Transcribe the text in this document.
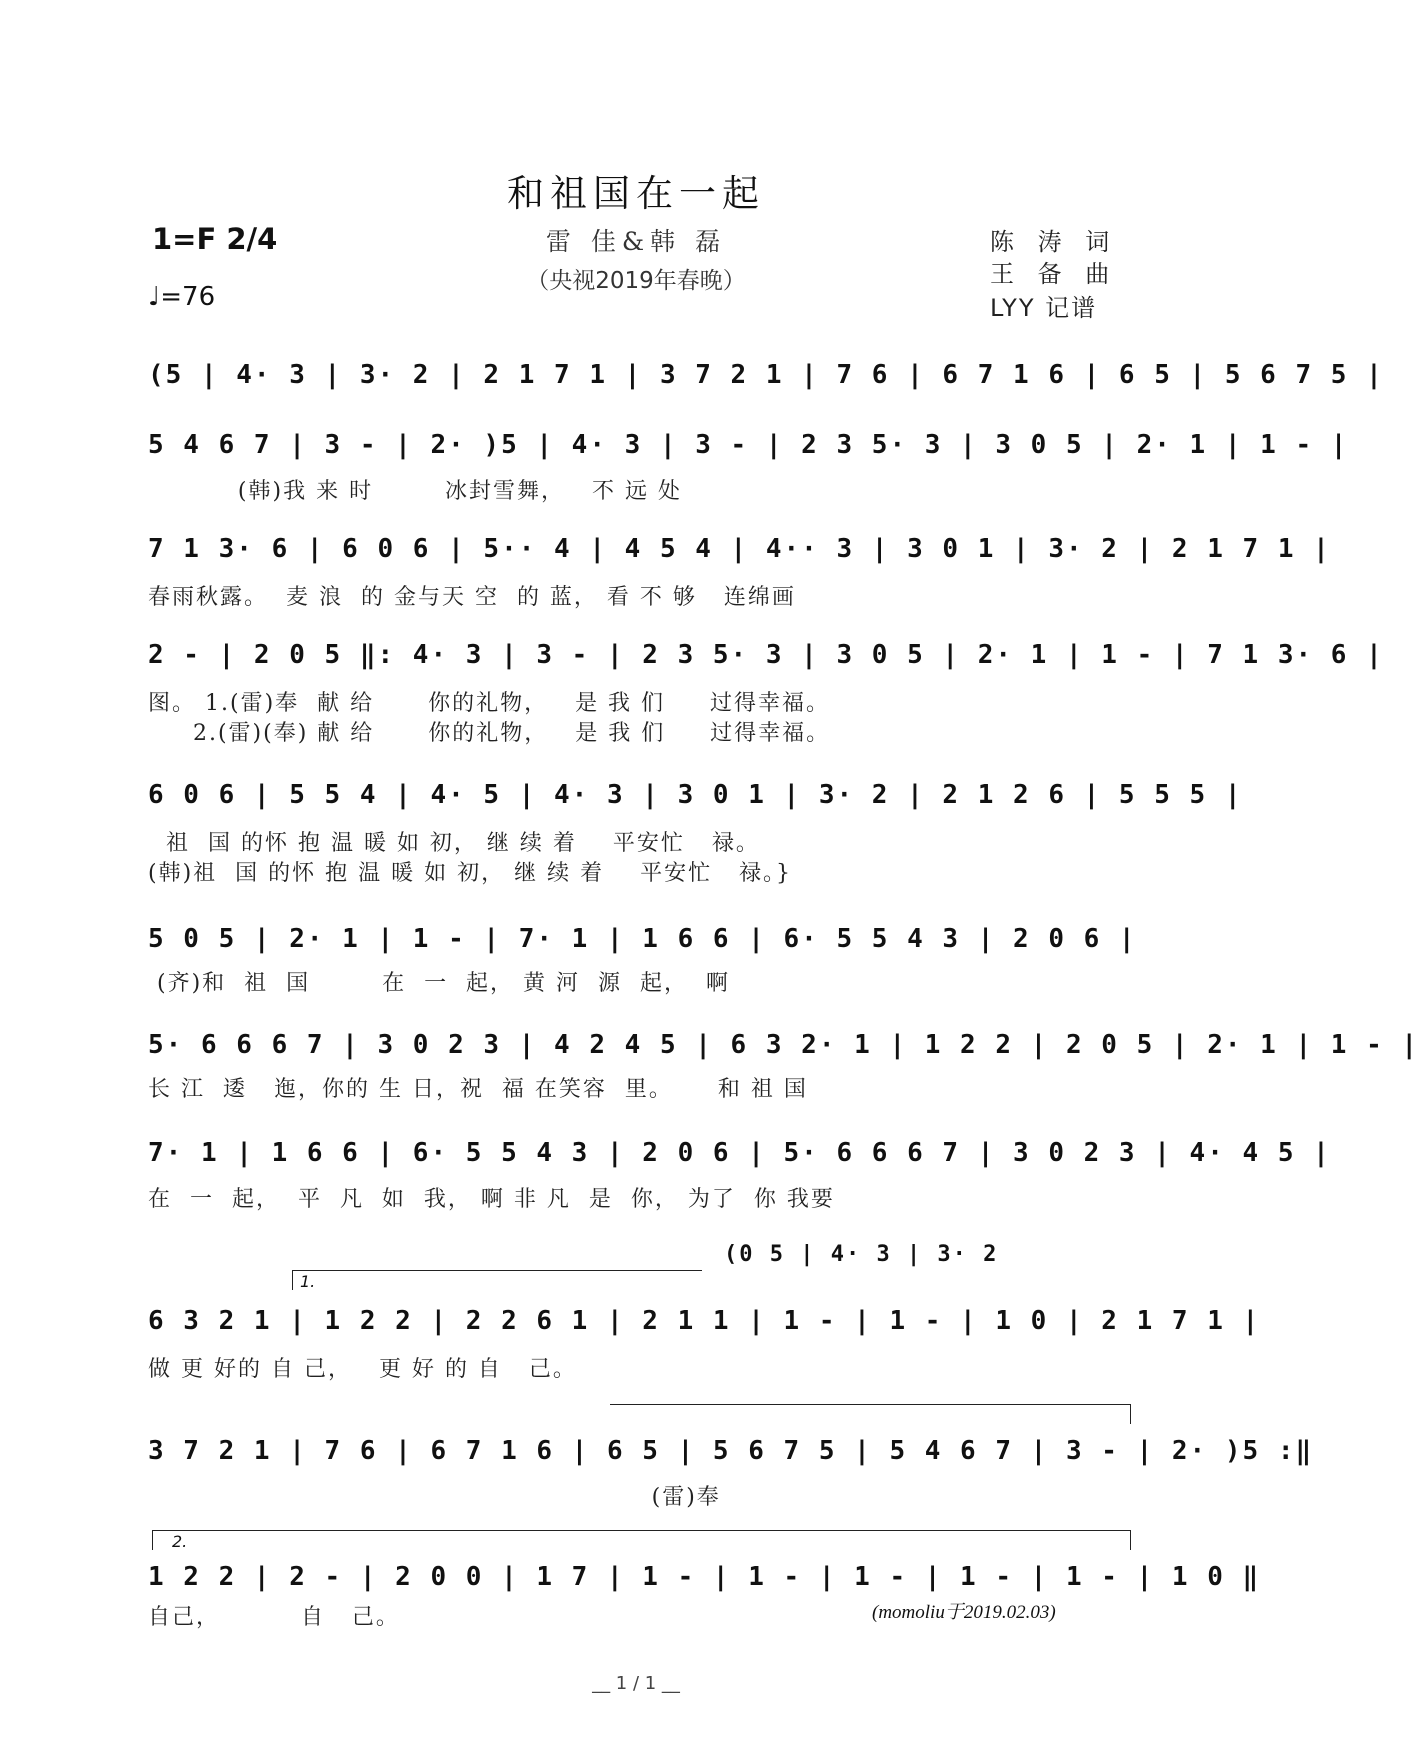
和祖国在一起
1=F 2/4
♩=76
雷 佳&韩 磊
（央视2019年春晚）
陈 涛 词
王 备 曲
LYY 记谱
(5 | 4· 3 | 3· 2 | 2 1 7 1 | 3 7 2 1 | 7 6 | 6 7 1 6 | 6 5 | 5 6 7 5 |
5 4 6 7 | 3 - | 2· )5 | 4· 3 | 3 - | 2 3 5· 3 | 3 0 5 | 2· 1 | 1 - |
(韩)我 来 时        冰封雪舞，   不 远 处
7 1 3· 6 | 6 0 6 | 5·· 4 | 4 5 4 | 4·· 3 | 3 0 1 | 3· 2 | 2 1 7 1 |
春雨秋露。  麦 浪  的 金与天 空  的 蓝， 看 不 够   连绵画
2 - | 2 0 5 ‖: 4· 3 | 3 - | 2 3 5· 3 | 3 0 5 | 2· 1 | 1 - | 7 1 3· 6 |
图。 1.(雷)奉  献 给      你的礼物，   是 我 们     过得幸福。
2.(雷)(奉) 献 给      你的礼物，   是 我 们     过得幸福。
6 0 6 | 5 5 4 | 4· 5 | 4· 3 | 3 0 1 | 3· 2 | 2 1 2 6 | 5 5 5 |
祖  国 的怀 抱 温 暖 如 初， 继 续 着    平安忙   禄。
(韩)祖  国 的怀 抱 温 暖 如 初， 继 续 着    平安忙   禄。}
5 0 5 | 2· 1 | 1 - | 7· 1 | 1 6 6 | 6· 5 5 4 3 | 2 0 6 |
(齐)和  祖  国        在  一  起， 黄 河  源  起，  啊
5· 6 6 6 7 | 3 0 2 3 | 4 2 4 5 | 6 3 2· 1 | 1 2 2 | 2 0 5 | 2· 1 | 1 - |
长 江  逶   迤，你的 生 日，祝  福 在笑容  里。     和 祖 国
7· 1 | 1 6 6 | 6· 5 5 4 3 | 2 0 6 | 5· 6 6 6 7 | 3 0 2 3 | 4· 4 5 |
在  一  起，  平  凡  如  我， 啊 非 凡  是  你， 为了  你 我要
1.
(0 5 | 4· 3 | 3· 2
6 3 2 1 | 1 2 2 | 2 2 6 1 | 2 1 1 | 1 - | 1 - | 1 0 | 2 1 7 1 |
做 更 好的 自 己，   更 好 的 自   己。
3 7 2 1 | 7 6 | 6 7 1 6 | 6 5 | 5 6 7 5 | 5 4 6 7 | 3 - | 2· )5 :‖
(雷)奉
2.
1 2 2 | 2 - | 2 0 0 | 1 7 | 1 - | 1 - | 1 - | 1 - | 1 - | 1 0 ‖
自己，         自   己。	(momoliu于2019.02.03)
__ 1 / 1 __
